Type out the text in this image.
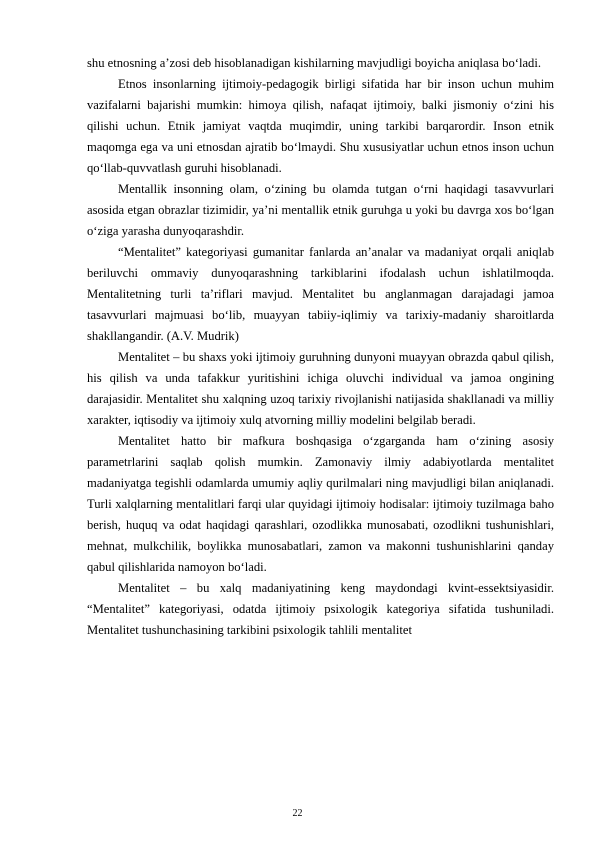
shu etnosning a’zosi deb hisoblanadigan kishilarning mavjudligi boyicha aniqlasa bo‘ladi.

Etnos insonlarning ijtimoiy-pedagogik birligi sifatida har bir inson uchun muhim vazifalarni bajarishi mumkin: himoya qilish, nafaqat ijtimoiy, balki jismoniy o‘zini his qilishi uchun. Etnik jamiyat vaqtda muqimdir, uning tarkibi barqarordir. Inson etnik maqomga ega va uni etnosdan ajratib bo‘lmaydi. Shu xususiyatlar uchun etnos inson uchun qo‘llab-quvvatlash guruhi hisoblanadi.

Mentallik insonning olam, o‘zining bu olamda tutgan o‘rni haqidagi tasavvurlari asosida etgan obrazlar tizimidir, ya’ni mentallik etnik guruhga u yoki bu davrga xos bo‘lgan o‘ziga yarasha dunyoqarashdir.

“Mentalitet” kategoriyasi gumanitar fanlarda an’analar va madaniyat orqali aniqlab beriluvchi ommaviy dunyoqarashning tarkiblarini ifodalash uchun ishlatilmoqda. Mentalitetning turli ta’riflari mavjud. Mentalitet bu anglanmagan darajadagi jamoa tasavvurlari majmuasi bo‘lib, muayyan tabiiy-iqlimiy va tarixiy-madaniy sharoitlarda shakllangandir. (A.V. Mudrik)

Mentalitet – bu shaxs yoki ijtimoiy guruhning dunyoni muayyan obrazda qabul qilish, his qilish va unda tafakkur yuritishini ichiga oluvchi individual va jamoa ongining darajasidir. Mentalitet shu xalqning uzoq tarixiy rivojlanishi natijasida shakllanadi va milliy xarakter, iqtisodiy va ijtimoiy xulq atvorning milliy modelini belgilab beradi.

Mentalitet hatto bir mafkura boshqasiga o‘zgarganda ham o‘zining asosiy parametrlarini saqlab qolish mumkin. Zamonaviy ilmiy adabiyotlarda mentalitet madaniyatga tegishli odamlarda umumiy aqliy qurilmalari ning mavjudligi bilan aniqlanadi. Turli xalqlarning mentalitlari farqi ular quyidagi ijtimoiy hodisalar: ijtimoiy tuzilmaga baho berish, huquq va odat haqidagi qarashlari, ozodlikka munosabati, ozodlikni tushunishlari, mehnat, mulkchilik, boylikka munosabatlari, zamon va makonni tushunishlarini qanday qabul qilishlarida namoyon bo‘ladi.

Mentalitet – bu xalq madaniyatining keng maydondagi kvint-essektsiyasidir. “Mentalitet” kategoriyasi, odatda ijtimoiy psixologik kategoriya sifatida tushuniladi. Mentalitet tushunchasining tarkibini psixologik tahlili mentalitet

22
